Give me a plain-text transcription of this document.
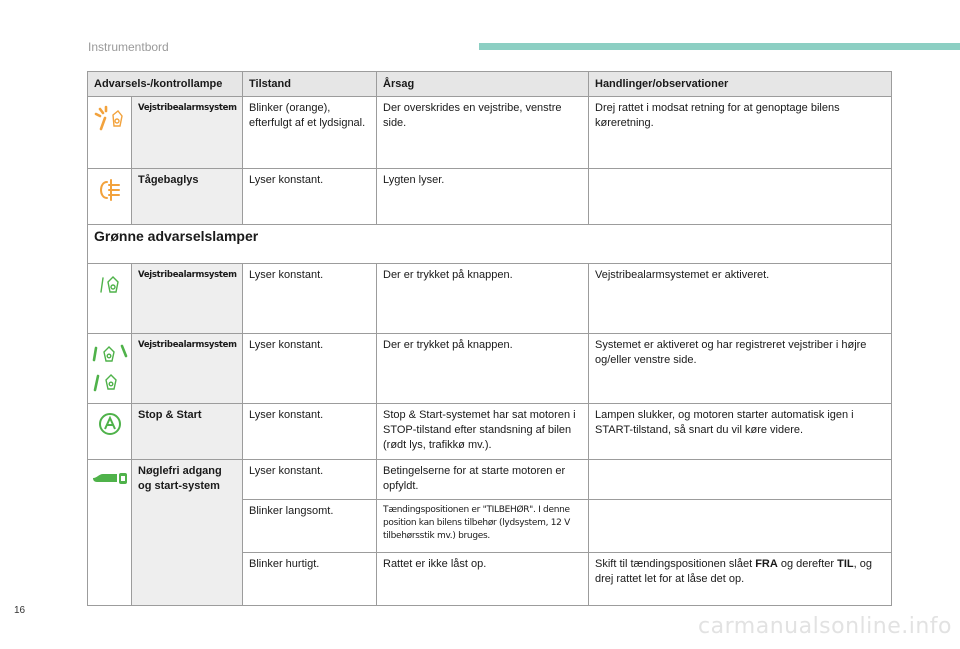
Instrumentbord
Advarsels-/kontrollampe		Tilstand	Årsag	Handlinger/observationer

	Vejstribealarmsystem	Blinker (orange), efterfulgt af et lydsignal.	Der overskrides en vejstribe, venstre side.	Drej rattet i modsat retning for at genoptage bilens køreretning.

	Tågebaglys	Lyser konstant.	Lygten lyser.	
Grønne advarselslamper				

	Vejstribealarmsystem	Lyser konstant.	Der er trykket på knappen.	Vejstribealarmsystemet er aktiveret.

	Vejstribealarmsystem	Lyser konstant.	Der er trykket på knappen.	Systemet er aktiveret og har registreret vejstriber i højre og/eller venstre side.

	Stop & Start	Lyser konstant.	Stop & Start-systemet har sat motoren i STOP-tilstand efter standsning af bilen (rødt lys, trafikkø mv.).	Lampen slukker, og motoren starter automatisk igen i START-tilstand, så snart du vil køre videre.

	Nøglefri adgang og start-system	Lyser konstant.	Betingelserne for at starte motoren er opfyldt.	
		Blinker langsomt.	Tændingspositionen er "TILBEHØR". I denne position kan bilens tilbehør (lydsystem, 12 V tilbehørsstik mv.) bruges.	
		Blinker hurtigt.	Rattet er ikke låst op.	Skift til tændingspositionen slået FRA og derefter TIL, og drej rattet let for at låse det op.
16
carmanualsonline.info
